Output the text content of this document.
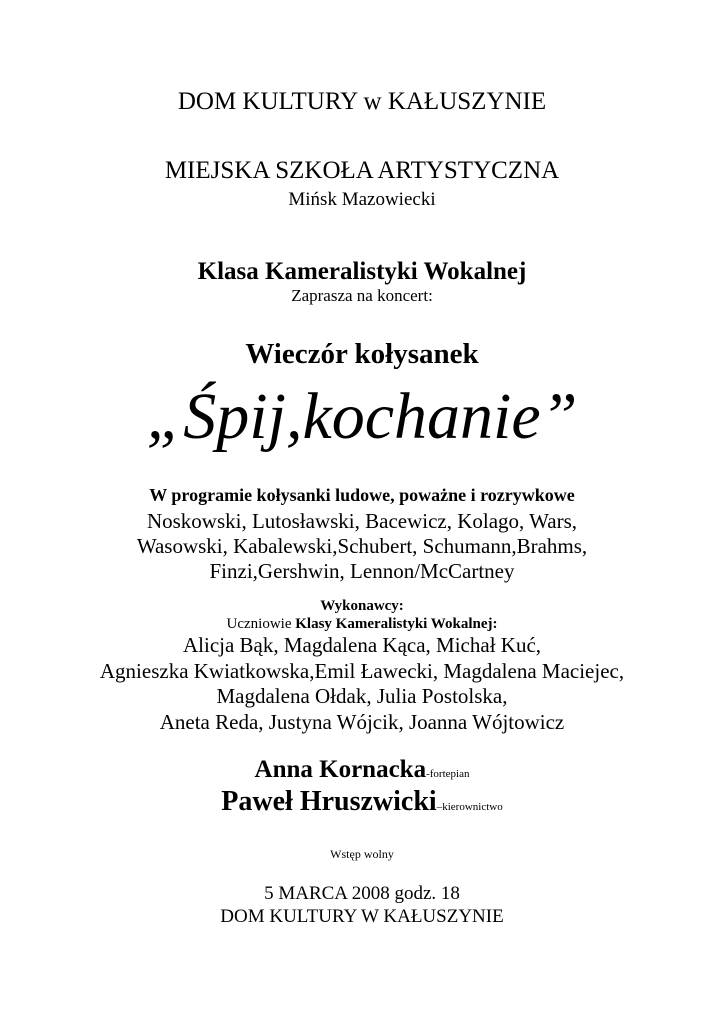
DOM KULTURY w KAŁUSZYNIE
MIEJSKA SZKOŁA ARTYSTYCZNA
Mińsk Mazowiecki
Klasa Kameralistyki Wokalnej
Zaprasza na koncert:
Wieczór kołysanek
„Śpij,kochanie”
W programie kołysanki ludowe, poważne i rozrywkowe
Noskowski, Lutosławski, Bacewicz, Kolago, Wars,
Wasowski, Kabalewski,Schubert, Schumann,Brahms,
Finzi,Gershwin, Lennon/McCartney
Wykonawcy:
Uczniowie Klasy Kameralistyki Wokalnej:
Alicja Bąk, Magdalena Kąca, Michał Kuć,
Agnieszka Kwiatkowska,Emil Ławecki, Magdalena Maciejec,
Magdalena Ołdak, Julia Postolska,
Aneta Reda, Justyna Wójcik, Joanna Wójtowicz
Anna Kornacka-fortepian
Paweł Hruszwicki–kierownictwo
Wstęp wolny
5 MARCA 2008 godz. 18
DOM KULTURY W KAŁUSZYNIE
